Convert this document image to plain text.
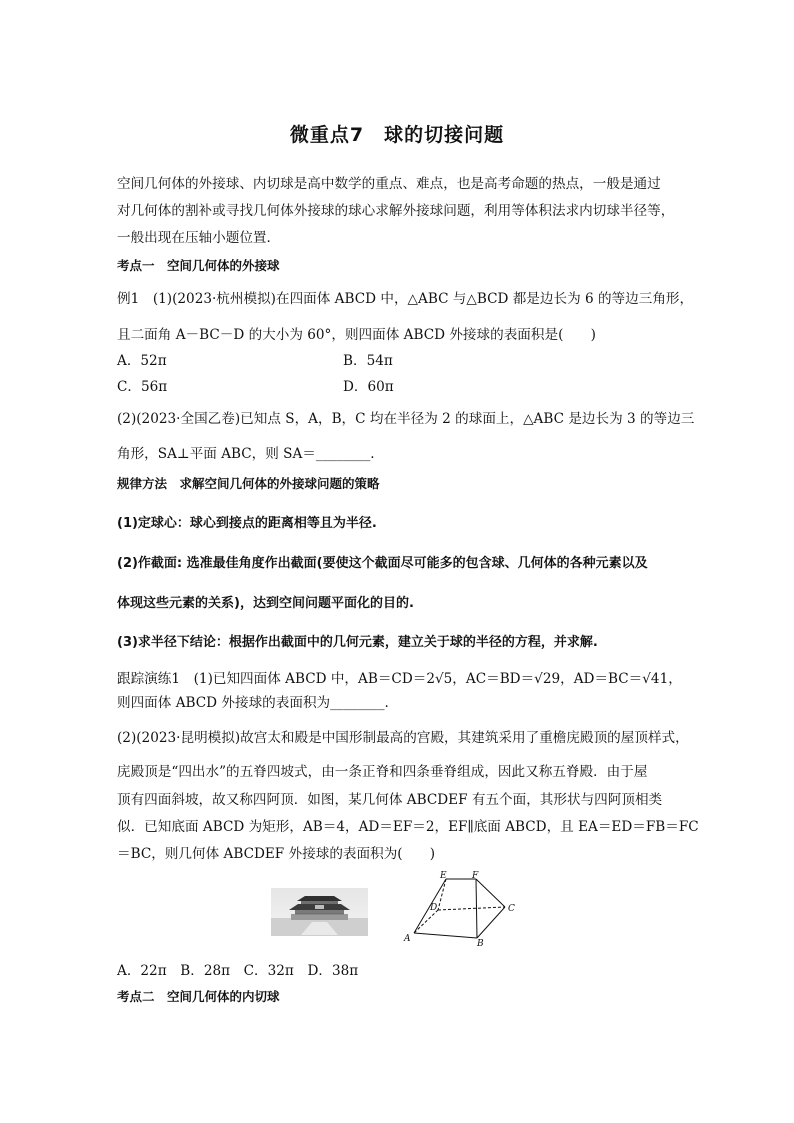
微重点7　球的切接问题
空间几何体的外接球、内切球是高中数学的重点、难点，也是高考命题的热点，一般是通过
对几何体的割补或寻找几何体外接球的球心求解外接球问题，利用等体积法求内切球半径等，
一般出现在压轴小题位置．
考点一　空间几何体的外接球
例1　(1)(2023·杭州模拟)在四面体 ABCD 中，△ABC 与△BCD 都是边长为 6 的等边三角形，
且二面角 A－BC－D 的大小为 60°，则四面体 ABCD 外接球的表面积是(　　)
A．52π	B．54π
C．56π	D．60π
(2)(2023·全国乙卷)已知点 S，A，B，C 均在半径为 2 的球面上，△ABC 是边长为 3 的等边三
角形，SA⊥平面 ABC，则 SA＝________.
规律方法　求解空间几何体的外接球问题的策略
(1)定球心：球心到接点的距离相等且为半径.
(2)作截面: 选准最佳角度作出截面(要使这个截面尽可能多的包含球、几何体的各种元素以及
体现这些元素的关系)，达到空间问题平面化的目的.
(3)求半径下结论：根据作出截面中的几何元素，建立关于球的半径的方程，并求解.
跟踪演练1　(1)已知四面体 ABCD 中，AB＝CD＝2√5，AC＝BD＝√29，AD＝BC＝√41，
则四面体 ABCD 外接球的表面积为________.
(2)(2023·昆明模拟)故宫太和殿是中国形制最高的宫殿，其建筑采用了重檐庑殿顶的屋顶样式，
庑殿顶是“四出水”的五脊四坡式，由一条正脊和四条垂脊组成，因此又称五脊殿．由于屋
顶有四面斜坡，故又称四阿顶．如图，某几何体 ABCDEF 有五个面，其形状与四阿顶相类
似．已知底面 ABCD 为矩形，AB＝4，AD＝EF＝2，EF∥底面 ABCD，且 EA＝ED＝FB＝FC
＝BC，则几何体 ABCDEF 外接球的表面积为(　　)
E	F
D	C
A	B
A．22π　B．28π　C．32π　D．38π
考点二　空间几何体的内切球
